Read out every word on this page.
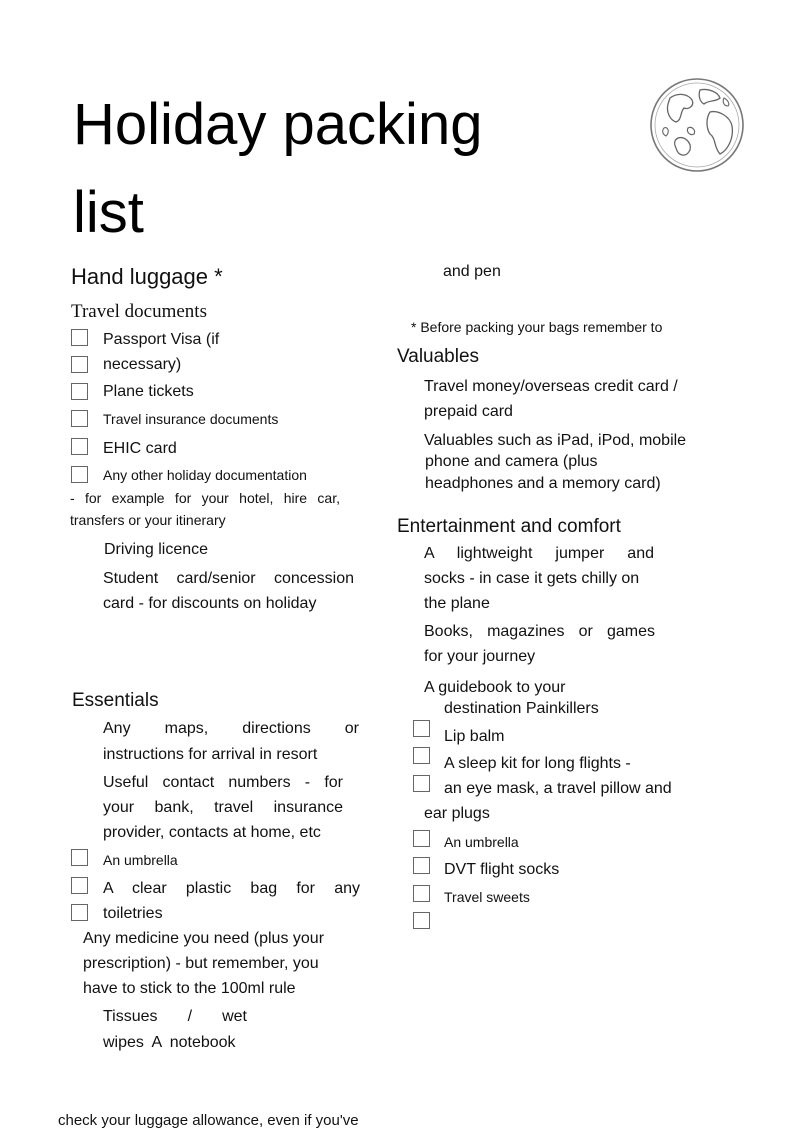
Holiday packing
list
Hand luggage *
Travel documents
Passport Visa (if
necessary)
Plane tickets
Travel insurance documents
EHIC card
Any other holiday documentation
- for example for your hotel, hire car,
transfers or your itinerary
Driving licence
Student card/senior concession
card - for discounts on holiday
Essentials
Any maps, directions or
instructions for arrival in resort
Useful contact numbers - for
your bank, travel insurance
provider, contacts at home, etc
An umbrella
A clear plastic bag for any
toiletries
Any medicine you need (plus your
prescription) - but remember, you
have to stick to the 100ml rule
Tissues / wet
wipes A notebook
check your luggage allowance, even if you've
and pen
* Before packing your bags remember to
Valuables
Travel money/overseas credit card /
prepaid card
Valuables such as iPad, iPod, mobile
phone and camera (plus
headphones and a memory card)
Entertainment and comfort
A lightweight jumper and
socks - in case it gets chilly on
the plane
Books, magazines or games
for your journey
A guidebook to your
destination Painkillers
Lip balm
A sleep kit for long flights -
an eye mask, a travel pillow and
ear plugs
An umbrella
DVT flight socks
Travel sweets
